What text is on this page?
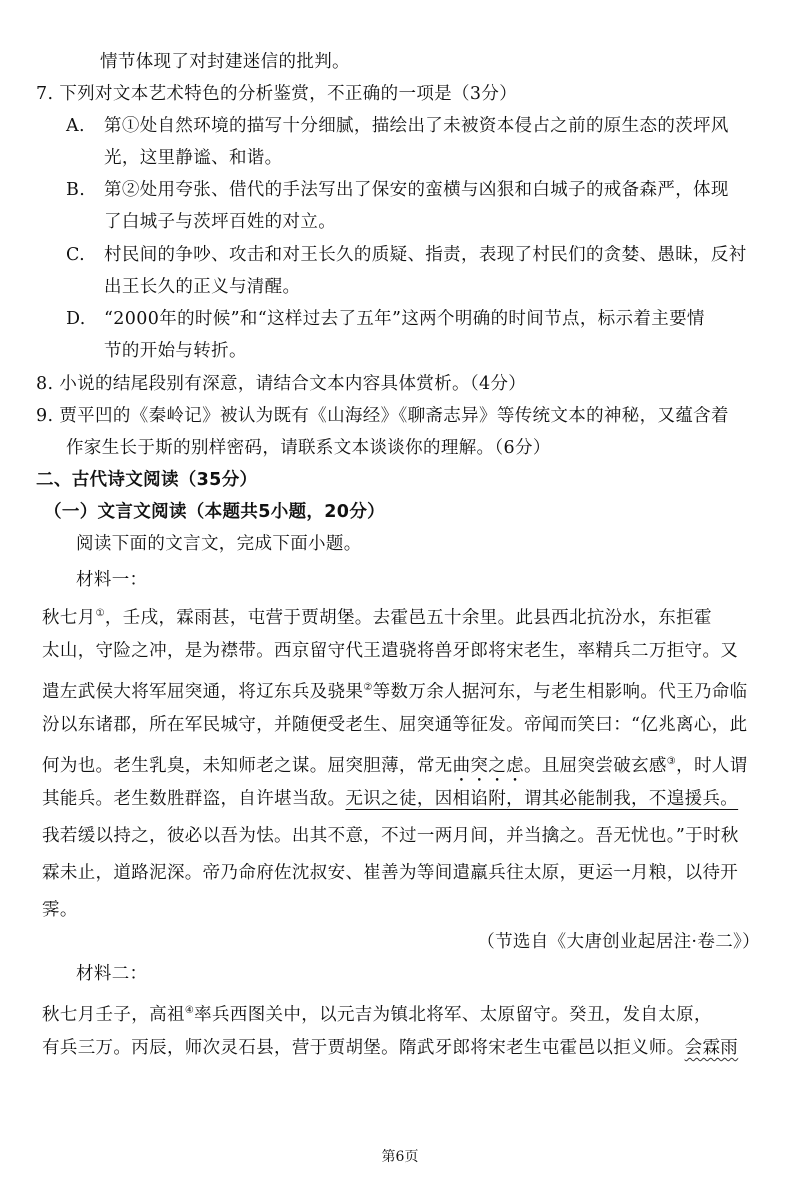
情节体现了对封建迷信的批判。
7. 下列对文本艺术特色的分析鉴赏，不正确的一项是（3分）
A. 第①处自然环境的描写十分细腻，描绘出了未被资本侵占之前的原生态的茨坪风
光，这里静谧、和谐。
B. 第②处用夸张、借代的手法写出了保安的蛮横与凶狠和白城子的戒备森严，体现
了白城子与茨坪百姓的对立。
C. 村民间的争吵、攻击和对王长久的质疑、指责，表现了村民们的贪婪、愚昧，反衬
出王长久的正义与清醒。
D. “2000年的时候”和“这样过去了五年”这两个明确的时间节点，标示着主要情
节的开始与转折。
8. 小说的结尾段别有深意，请结合文本内容具体赏析。（4分）
9. 贾平凹的《秦岭记》被认为既有《山海经》《聊斋志异》等传统文本的神秘，又蕴含着
作家生长于斯的别样密码，请联系文本谈谈你的理解。（6分）
二、古代诗文阅读（35分）
（一）文言文阅读（本题共5小题，20分）
阅读下面的文言文，完成下面小题。
材料一：
秋七月①，壬戌，霖雨甚，屯营于贾胡堡。去霍邑五十余里。此县西北抗汾水，东拒霍
太山，守险之冲，是为襟带。西京留守代王遣骁将兽牙郎将宋老生，率精兵二万拒守。又
遣左武侯大将军屈突通，将辽东兵及骁果②等数万余人据河东，与老生相影响。代王乃命临
汾以东诸郡，所在军民城守，并随便受老生、屈突通等征发。帝闻而笑曰：“亿兆离心，此
何为也。老生乳臭，未知师老之谋。屈突胆薄，常无曲突之虑。且屈突尝破玄感③，时人谓
其能兵。老生数胜群盗，自许堪当敌。无识之徒，因相谄附，谓其必能制我，不遑援兵。
我若缓以持之，彼必以吾为怯。出其不意，不过一两月间，并当擒之。吾无忧也。”于时秋
霖未止，道路泥深。帝乃命府佐沈叔安、崔善为等间遣羸兵往太原，更运一月粮，以待开
霁。
（节选自《大唐创业起居注·卷二》）
材料二：
秋七月壬子，高祖④率兵西图关中，以元吉为镇北将军、太原留守。癸丑，发自太原，
有兵三万。丙辰，师次灵石县，营于贾胡堡。隋武牙郎将宋老生屯霍邑以拒义师。会霖雨
第6页
